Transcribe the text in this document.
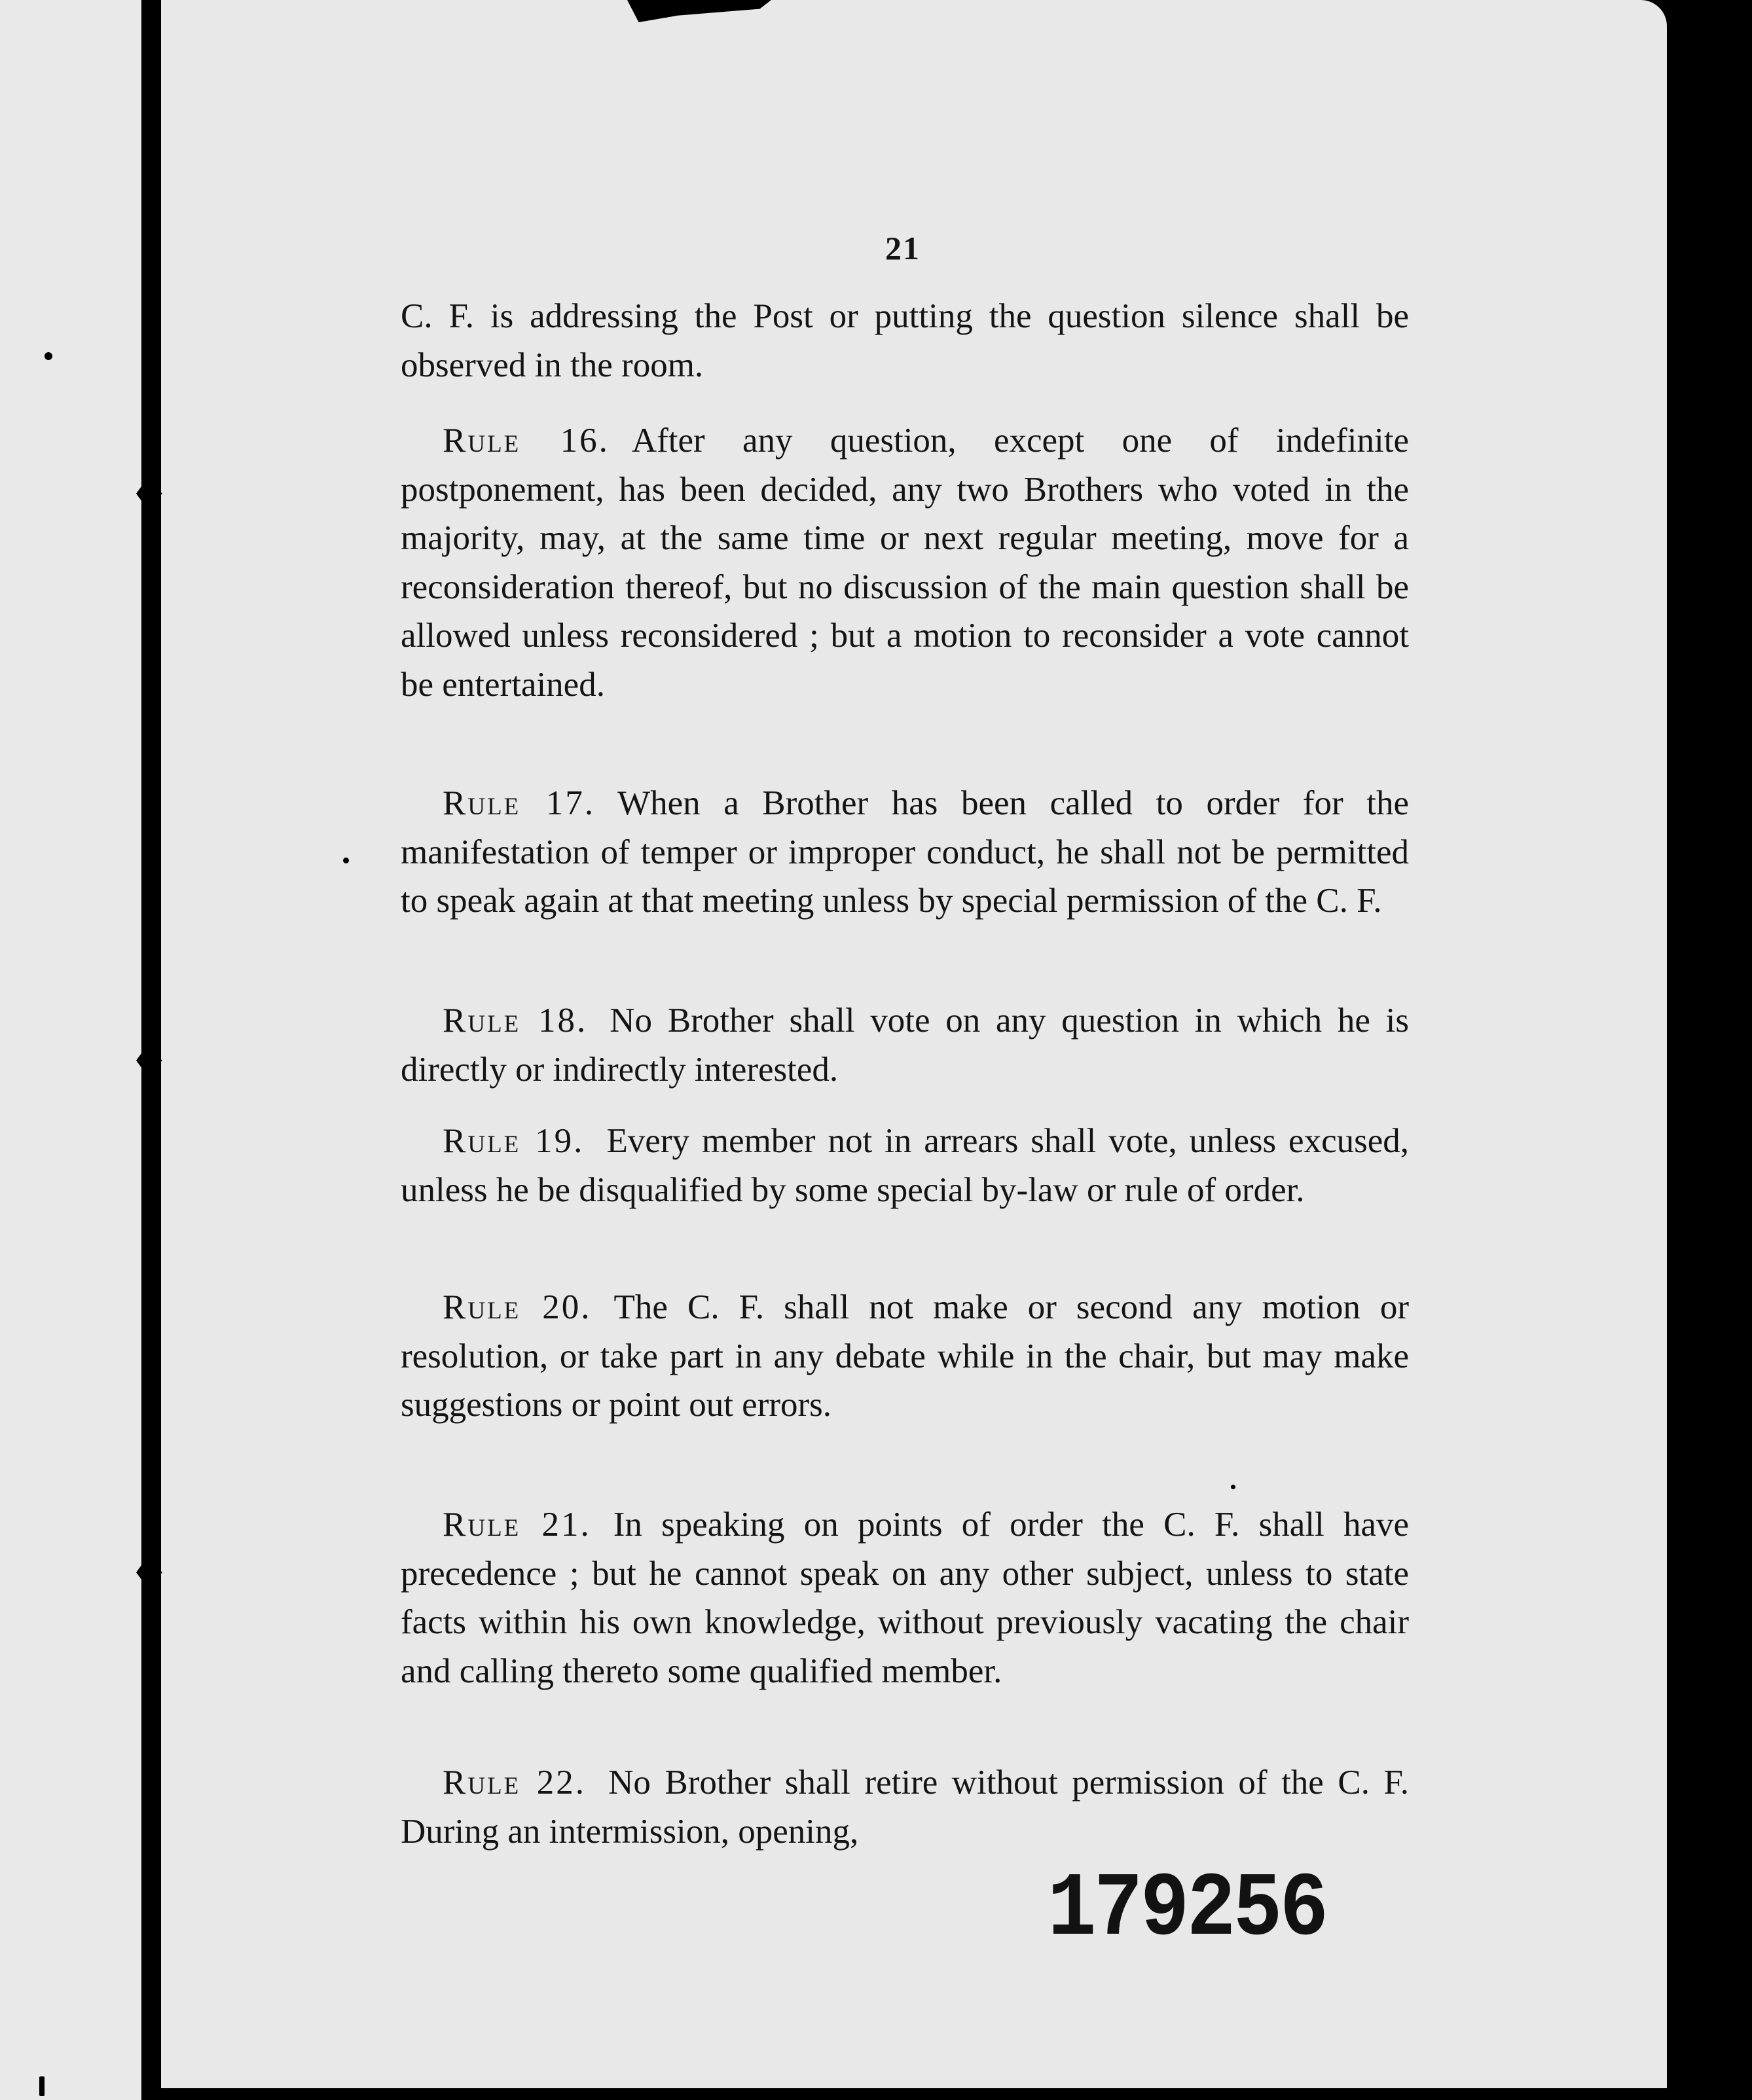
21

C. F. is addressing the Post or putting the question silence shall be observed in the room.

Rule 16. After any question, except one of indefinite postponement, has been decided, any two Brothers who voted in the majority, may, at the same time or next regular meeting, move for a reconsideration thereof, but no discussion of the main question shall be allowed unless reconsidered ; but a motion to reconsider a vote cannot be entertained.

Rule 17. When a Brother has been called to order for the manifestation of temper or improper conduct, he shall not be permitted to speak again at that meeting unless by special permission of the C. F.

Rule 18. No Brother shall vote on any question in which he is directly or indirectly interested.

Rule 19. Every member not in arrears shall vote, unless excused, unless he be disqualified by some special by-law or rule of order.

Rule 20. The C. F. shall not make or second any motion or resolution, or take part in any debate while in the chair, but may make suggestions or point out errors.

Rule 21. In speaking on points of order the C. F. shall have precedence ; but he cannot speak on any other subject, unless to state facts within his own knowledge, without previously vacating the chair and calling thereto some qualified member.

Rule 22. No Brother shall retire without permission of the C. F. During an intermission, opening,

179256
